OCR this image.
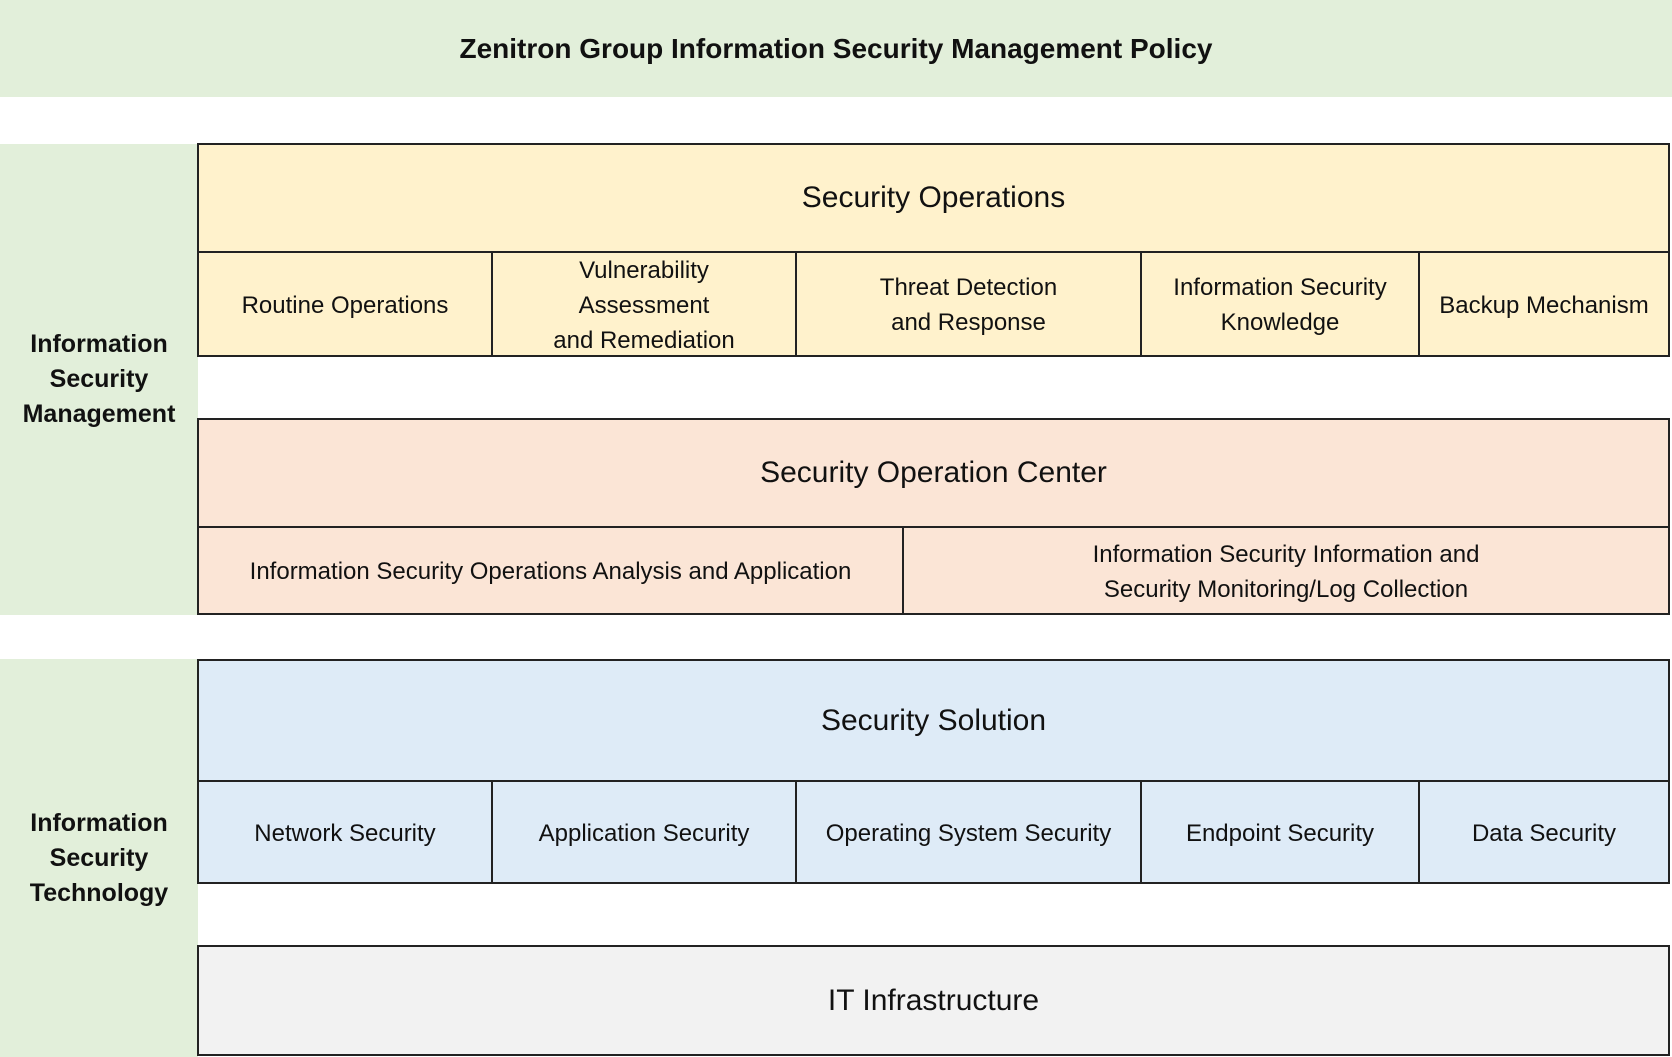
Zenitron Group Information Security Management Policy
Information
Security
Management
Security Operations
Routine Operations
Vulnerability
Assessment
and Remediation
Threat Detection
and Response
Information Security
Knowledge
Backup Mechanism
Security Operation Center
Information Security Operations Analysis and Application
Information Security Information and
Security Monitoring/Log Collection
Information
Security
Technology
Security Solution
Network Security	Application Security	Operating System Security	Endpoint Security	Data Security
IT Infrastructure
